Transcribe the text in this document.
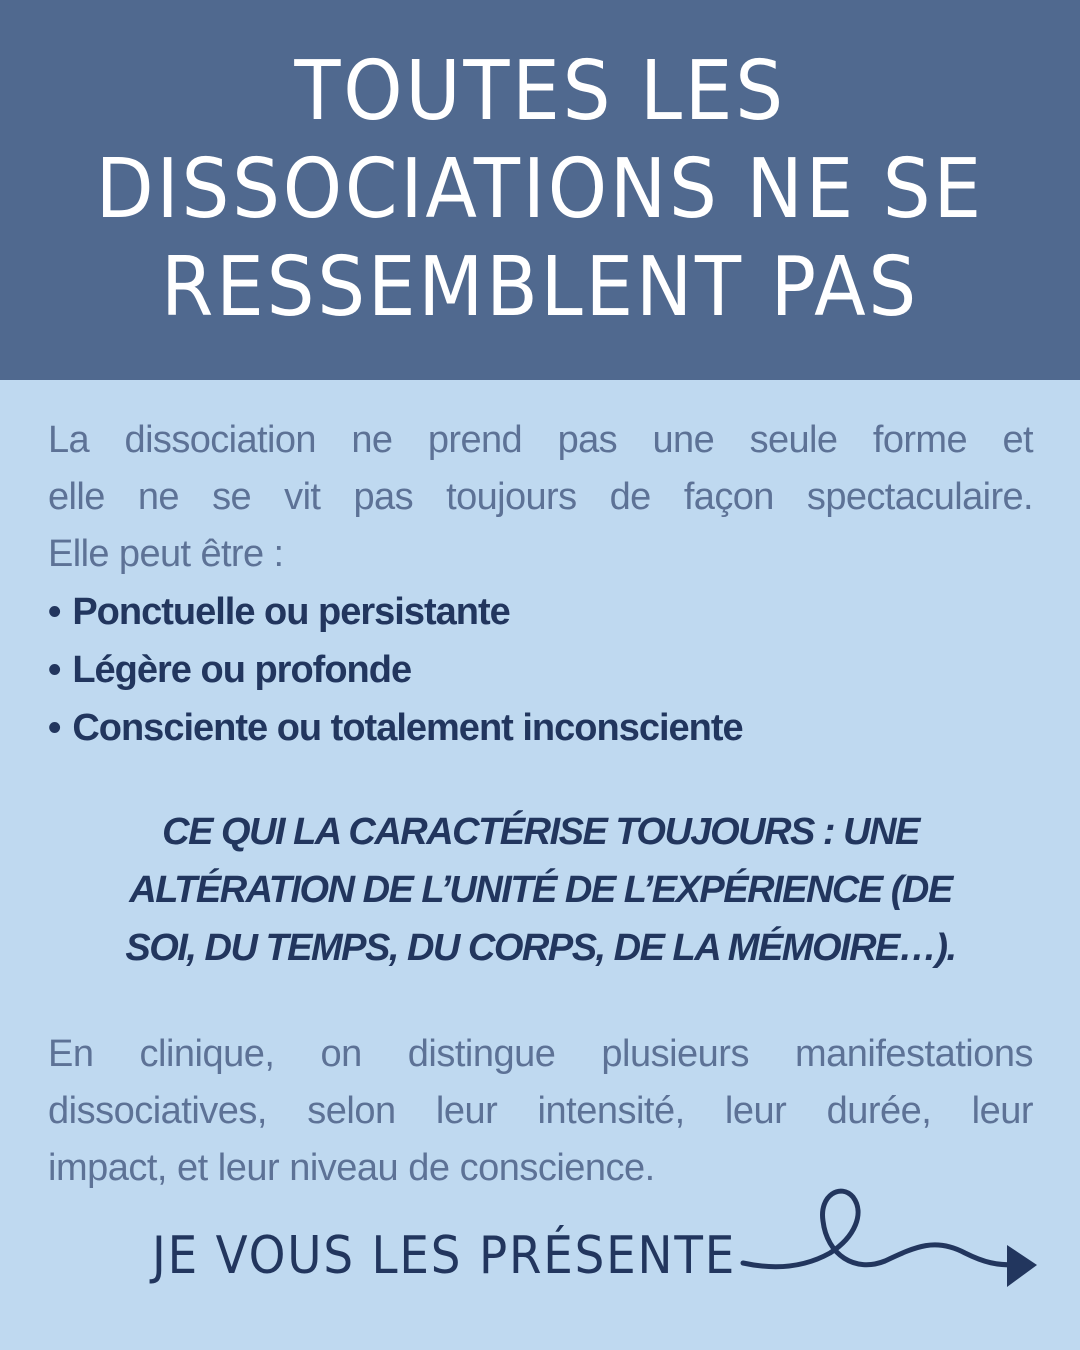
TOUTES LES
DISSOCIATIONS NE SE
RESSEMBLENT PAS

La dissociation ne prend pas une seule forme et
elle ne se vit pas toujours de façon spectaculaire.
Elle peut être :

• Ponctuelle ou persistante
• Légère ou profonde
• Consciente ou totalement inconsciente
CE QUI LA CARACTÉRISE TOUJOURS : UNE
ALTÉRATION DE L’UNITÉ DE L’EXPÉRIENCE (DE
SOI, DU TEMPS, DU CORPS, DE LA MÉMOIRE…).
En clinique, on distingue plusieurs manifestations
dissociatives, selon leur intensité, leur durée, leur
impact, et leur niveau de conscience.
JE VOUS LES PRÉSENTE
